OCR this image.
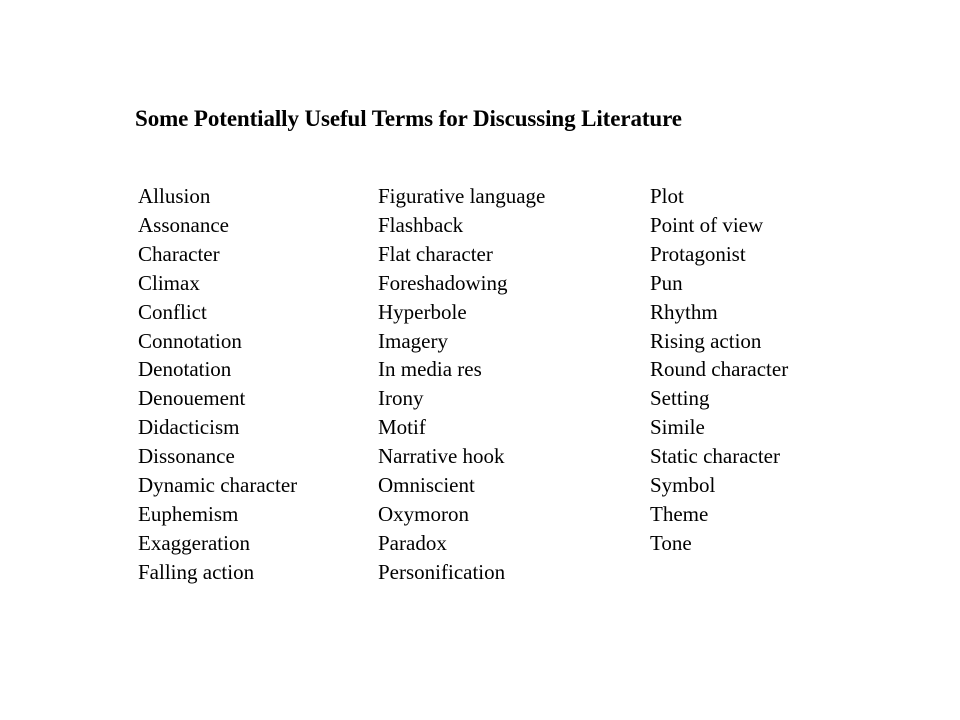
Some Potentially Useful Terms for Discussing Literature
Allusion
Assonance
Character
Climax
Conflict
Connotation
Denotation
Denouement
Didacticism
Dissonance
Dynamic character
Euphemism
Exaggeration
Falling action
Figurative language
Flashback
Flat character
Foreshadowing
Hyperbole
Imagery
In media res
Irony
Motif
Narrative hook
Omniscient
Oxymoron
Paradox
Personification
Plot
Point of view
Protagonist
Pun
Rhythm
Rising action
Round character
Setting
Simile
Static character
Symbol
Theme
Tone
